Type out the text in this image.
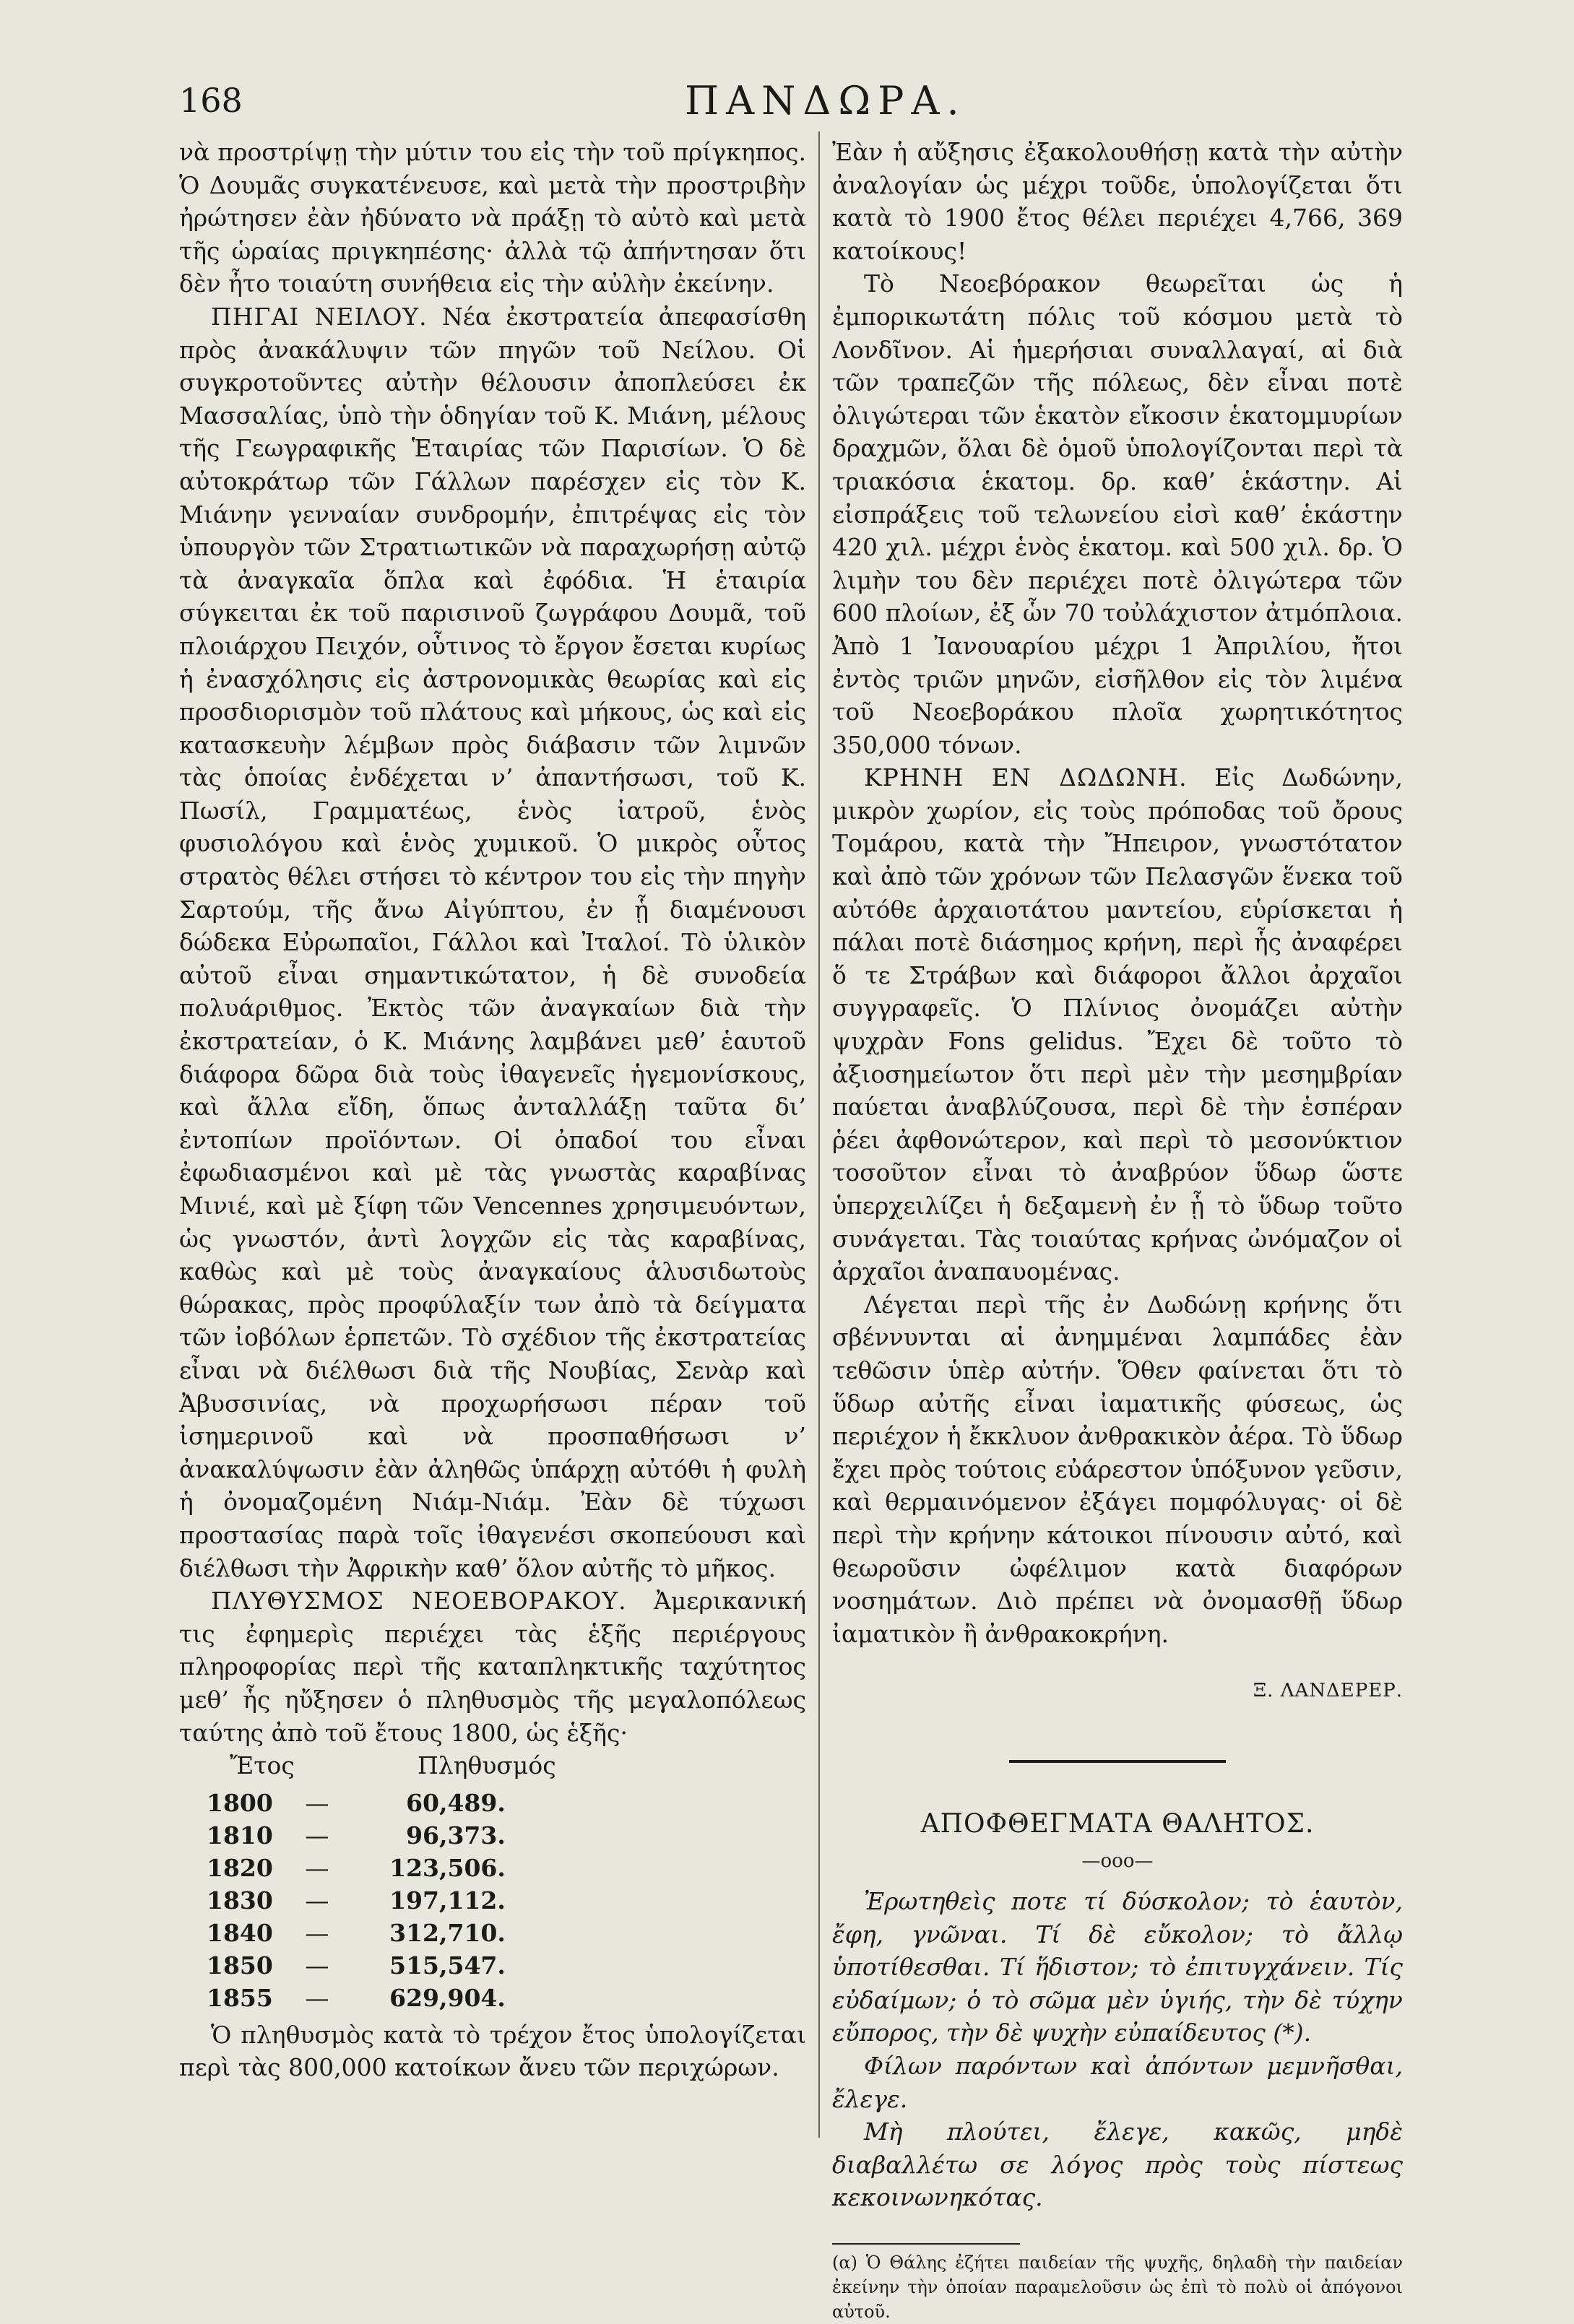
168	ΠΑΝΔΩΡΑ.

νὰ προστρίψῃ τὴν μύτιν του εἰς τὴν τοῦ πρίγκηπος. Ὁ Δουμᾶς συγκατένευσε, καὶ μετὰ τὴν προστριβὴν ἠρώτησεν ἐὰν ἠδύνατο νὰ πράξῃ τὸ αὐτὸ καὶ μετὰ τῆς ὡραίας πριγκηπέσης· ἀλλὰ τῷ ἀπήντησαν ὅτι δὲν ἦτο τοιαύτη συνήθεια εἰς τὴν αὐλὴν ἐκείνην.

ΠΗΓΑΙ ΝΕΙΛΟΥ. Νέα ἐκστρατεία ἀπεφασίσθη πρὸς ἀνακάλυψιν τῶν πηγῶν τοῦ Νείλου. Οἱ συγκροτοῦντες αὐτὴν θέλουσιν ἀποπλεύσει ἐκ Μασσαλίας, ὑπὸ τὴν ὁδηγίαν τοῦ Κ. Μιάνη, μέλους τῆς Γεωγραφικῆς Ἑταιρίας τῶν Παρισίων. Ὁ δὲ αὐτοκράτωρ τῶν Γάλλων παρέσχεν εἰς τὸν Κ. Μιάνην γενναίαν συνδρομήν, ἐπιτρέψας εἰς τὸν ὑπουργὸν τῶν Στρατιωτικῶν νὰ παραχωρήσῃ αὐτῷ τὰ ἀναγκαῖα ὅπλα καὶ ἐφόδια. Ἡ ἑταιρία σύγκειται ἐκ τοῦ παρισινοῦ ζωγράφου Δουμᾶ, τοῦ πλοιάρχου Πειχόν, οὗτινος τὸ ἔργον ἔσεται κυρίως ἡ ἐνασχόλησις εἰς ἀστρονομικὰς θεωρίας καὶ εἰς προσδιορισμὸν τοῦ πλάτους καὶ μήκους, ὡς καὶ εἰς κατασκευὴν λέμβων πρὸς διάβασιν τῶν λιμνῶν τὰς ὁποίας ἐνδέχεται ν’ ἀπαντήσωσι, τοῦ Κ. Πωσίλ, Γραμματέως, ἑνὸς ἰατροῦ, ἑνὸς φυσιολόγου καὶ ἑνὸς χυμικοῦ. Ὁ μικρὸς οὗτος στρατὸς θέλει στήσει τὸ κέντρον του εἰς τὴν πηγὴν Σαρτούμ, τῆς ἄνω Αἰγύπτου, ἐν ᾗ διαμένουσι δώδεκα Εὐρωπαῖοι, Γάλλοι καὶ Ἰταλοί. Τὸ ὑλικὸν αὐτοῦ εἶναι σημαντικώτατον, ἡ δὲ συνοδεία πολυάριθμος. Ἐκτὸς τῶν ἀναγκαίων διὰ τὴν ἐκστρατείαν, ὁ Κ. Μιάνης λαμβάνει μεθ’ ἑαυτοῦ διάφορα δῶρα διὰ τοὺς ἰθαγενεῖς ἡγεμονίσκους, καὶ ἄλλα εἴδη, ὅπως ἀνταλλάξῃ ταῦτα δι’ ἐντοπίων προϊόντων. Οἱ ὀπαδοί του εἶναι ἐφωδιασμένοι καὶ μὲ τὰς γνωστὰς καραβίνας Μινιέ, καὶ μὲ ξίφη τῶν Vencennes χρησιμευόντων, ὡς γνωστόν, ἀντὶ λογχῶν εἰς τὰς καραβίνας, καθὼς καὶ μὲ τοὺς ἀναγκαίους ἁλυσιδωτοὺς θώρακας, πρὸς προφύλαξίν των ἀπὸ τὰ δείγματα τῶν ἰοβόλων ἑρπετῶν. Τὸ σχέδιον τῆς ἐκστρατείας εἶναι νὰ διέλθωσι διὰ τῆς Νουβίας, Σενὰρ καὶ Ἀβυσσινίας, νὰ προχωρήσωσι πέραν τοῦ ἰσημερινοῦ καὶ νὰ προσπαθήσωσι ν’ ἀνακαλύψωσιν ἐὰν ἀληθῶς ὑπάρχῃ αὐτόθι ἡ φυλὴ ἡ ὀνομαζομένη Νιάμ-Νιάμ. Ἐὰν δὲ τύχωσι προστασίας παρὰ τοῖς ἰθαγενέσι σκοπεύουσι καὶ διέλθωσι τὴν Ἀφρικὴν καθ’ ὅλον αὐτῆς τὸ μῆκος.

ΠΛΥΘΥΣΜΟΣ ΝΕΟΕΒΟΡΑΚΟΥ. Ἀμερικανική τις ἐφημερὶς περιέχει τὰς ἑξῆς περιέργους πληροφορίας περὶ τῆς καταπληκτικῆς ταχύτητος μεθ’ ἧς ηὔξησεν ὁ πληθυσμὸς τῆς μεγαλοπόλεως ταύτης ἀπὸ τοῦ ἔτους 1800, ὡς ἑξῆς·

Ἔτος	Πληθυσμός
1800	—	60,489.
1810	—	96,373.
1820	—	123,506.
1830	—	197,112.
1840	—	312,710.
1850	—	515,547.
1855	—	629,904.

Ὁ πληθυσμὸς κατὰ τὸ τρέχον ἔτος ὑπολογίζεται περὶ τὰς 800,000 κατοίκων ἄνευ τῶν περιχώρων.

Ἐὰν ἡ αὔξησις ἐξακολουθήσῃ κατὰ τὴν αὐτὴν ἀναλογίαν ὡς μέχρι τοῦδε, ὑπολογίζεται ὅτι κατὰ τὸ 1900 ἔτος θέλει περιέχει 4,766, 369 κατοίκους!

Τὸ Νεοεβόρακον θεωρεῖται ὡς ἡ ἐμπορικωτάτη πόλις τοῦ κόσμου μετὰ τὸ Λονδῖνον. Αἱ ἡμερήσιαι συναλλαγαί, αἱ διὰ τῶν τραπεζῶν τῆς πόλεως, δὲν εἶναι ποτὲ ὀλιγώτεραι τῶν ἑκατὸν εἴκοσιν ἑκατομμυρίων δραχμῶν, ὅλαι δὲ ὁμοῦ ὑπολογίζονται περὶ τὰ τριακόσια ἑκατομ. δρ. καθ’ ἑκάστην. Αἱ εἰσπράξεις τοῦ τελωνείου εἰσὶ καθ’ ἑκάστην 420 χιλ. μέχρι ἑνὸς ἑκατομ. καὶ 500 χιλ. δρ. Ὁ λιμὴν του δὲν περιέχει ποτὲ ὀλιγώτερα τῶν 600 πλοίων, ἐξ ὧν 70 τοὐλάχιστον ἀτμόπλοια. Ἀπὸ 1 Ἰανουαρίου μέχρι 1 Ἀπριλίου, ἤτοι ἐντὸς τριῶν μηνῶν, εἰσῆλθον εἰς τὸν λιμένα τοῦ Νεοεβοράκου πλοῖα χωρητικότητος 350,000 τόνων.

ΚΡΗΝΗ ΕΝ ΔΩΔΩΝΗ. Εἰς Δωδώνην, μικρὸν χωρίον, εἰς τοὺς πρόποδας τοῦ ὄρους Τομάρου, κατὰ τὴν Ἤπειρον, γνωστότατον καὶ ἀπὸ τῶν χρόνων τῶν Πελασγῶν ἕνεκα τοῦ αὐτόθε ἀρχαιοτάτου μαντείου, εὑρίσκεται ἡ πάλαι ποτὲ διάσημος κρήνη, περὶ ἧς ἀναφέρει ὅ τε Στράβων καὶ διάφοροι ἄλλοι ἀρχαῖοι συγγραφεῖς. Ὁ Πλίνιος ὀνομάζει αὐτὴν ψυχρὰν Fons gelidus. Ἔχει δὲ τοῦτο τὸ ἀξιοσημείωτον ὅτι περὶ μὲν τὴν μεσημβρίαν παύεται ἀναβλύζουσα, περὶ δὲ τὴν ἑσπέραν ῥέει ἀφθονώτερον, καὶ περὶ τὸ μεσονύκτιον τοσοῦτον εἶναι τὸ ἀναβρύον ὕδωρ ὥστε ὑπερχειλίζει ἡ δεξαμενὴ ἐν ᾗ τὸ ὕδωρ τοῦτο συνάγεται. Τὰς τοιαύτας κρήνας ὠνόμαζον οἱ ἀρχαῖοι ἀναπαυομένας.

Λέγεται περὶ τῆς ἐν Δωδώνῃ κρήνης ὅτι σβέννυνται αἱ ἀνημμέναι λαμπάδες ἐὰν τεθῶσιν ὑπὲρ αὐτήν. Ὅθεν φαίνεται ὅτι τὸ ὕδωρ αὐτῆς εἶναι ἰαματικῆς φύσεως, ὡς περιέχον ἡ ἔκκλυον ἀνθρακικὸν ἀέρα. Τὸ ὕδωρ ἔχει πρὸς τούτοις εὐάρεστον ὑπόξυνον γεῦσιν, καὶ θερμαινόμενον ἐξάγει πομφόλυγας· οἱ δὲ περὶ τὴν κρήνην κάτοικοι πίνουσιν αὐτό, καὶ θεωροῦσιν ὠφέλιμον κατὰ διαφόρων νοσημάτων. Διὸ πρέπει νὰ ὀνομασθῇ ὕδωρ ἰαματικὸν ἢ ἀνθρακοκρήνη.

Ξ. ΛΑΝΔΕΡΕΡ.
ΑΠΟΦΘΕΓΜΑΤΑ ΘΑΛΗΤΟΣ.
—ooo—

Ἐρωτηθεὶς ποτε τί δύσκολον; τὸ ἑαυτὸν, ἔφη, γνῶναι. Τί δὲ εὔκολον; τὸ ἄλλῳ ὑποτίθεσθαι. Τί ἥδιστον; τὸ ἐπιτυγχάνειν. Τίς εὐδαίμων; ὁ τὸ σῶμα μὲν ὑγιής, τὴν δὲ τύχην εὔπορος, τὴν δὲ ψυχὴν εὐπαίδευτος (*).

Φίλων παρόντων καὶ ἀπόντων μεμνῆσθαι, ἔλεγε.

Μὴ πλούτει, ἔλεγε, κακῶς, μηδὲ διαβαλλέτω σε λόγος πρὸς τοὺς πίστεως κεκοινωνηκότας.

(α) Ὁ Θάλης ἐζήτει παιδείαν τῆς ψυχῆς, δηλαδὴ τὴν παιδείαν ἐκείνην τὴν ὁποίαν παραμελοῦσιν ὡς ἐπὶ τὸ πολὺ οἱ ἀπόγονοι αὐτοῦ.
